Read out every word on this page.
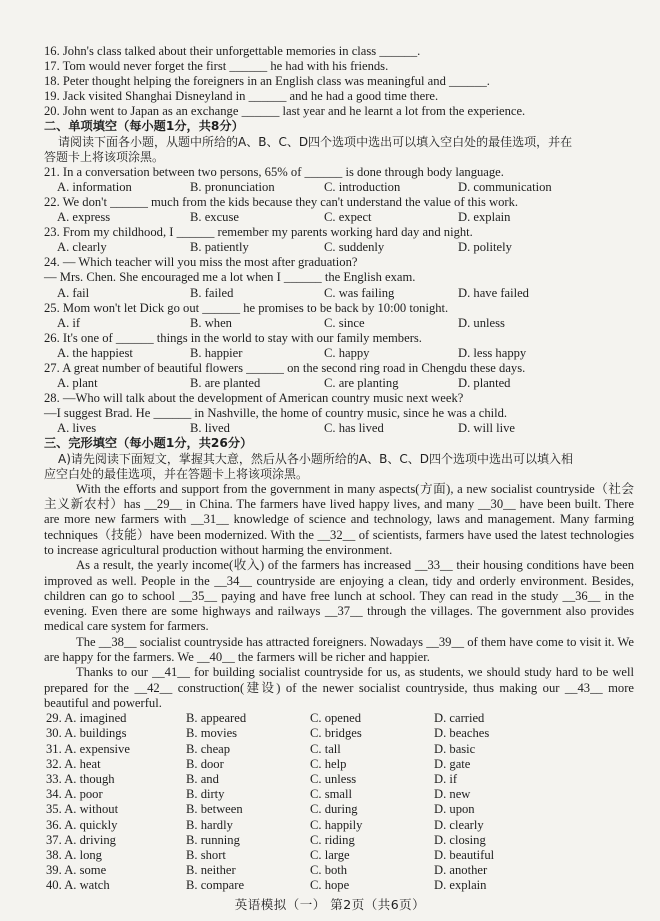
16. John's class talked about their unforgettable memories in class ______.
17. Tom would never forget the first ______ he had with his friends.
18. Peter thought helping the foreigners in an English class was meaningful and ______.
19. Jack visited Shanghai Disneyland in ______ and he had a good time there.
20. John went to Japan as an exchange ______ last year and he learnt a lot from the experience.
二、单项填空（每小题1分，共8分）
请阅读下面各小题，从题中所给的A、B、C、D四个选项中选出可以填入空白处的最佳选项，并在
答题卡上将该项涂黑。
21. In a conversation between two persons, 65% of ______ is done through body language.
A. information	B. pronunciation	C. introduction	D. communication
22. We don't ______ much from the kids because they can't understand the value of this work.
A. express	B. excuse	C. expect	D. explain
23. From my childhood, I ______ remember my parents working hard day and night.
A. clearly	B. patiently	C. suddenly	D. politely
24. — Which teacher will you miss the most after graduation?
— Mrs. Chen. She encouraged me a lot when I ______ the English exam.
A. fail	B. failed	C. was failing	D. have failed
25. Mom won't let Dick go out ______ he promises to be back by 10:00 tonight.
A. if	B. when	C. since	D. unless
26. It's one of ______ things in the world to stay with our family members.
A. the happiest	B. happier	C. happy	D. less happy
27. A great number of beautiful flowers ______ on the second ring road in Chengdu these days.
A. plant	B. are planted	C. are planting	D. planted
28. —Who will talk about the development of American country music next week?
—I suggest Brad. He ______ in Nashville, the home of country music, since he was a child.
A. lives	B. lived	C. has lived	D. will live
三、完形填空（每小题1分，共26分）
A)请先阅读下面短文，掌握其大意，然后从各小题所给的A、B、C、D四个选项中选出可以填入相
应空白处的最佳选项，并在答题卡上将该项涂黑。
With the efforts and support from the government in many aspects(方面), a new socialist countryside（社会主义新农村）has __29__ in China. The farmers have lived happy lives, and many __30__ have been built. There are more new farmers with __31__ knowledge of science and technology, laws and management. Many farming techniques（技能）have been modernized. With the __32__ of scientists, farmers have used the latest technologies to increase agricultural production without harming the environment.
As a result, the yearly income(收入) of the farmers has increased __33__ their housing conditions have been improved as well. People in the __34__ countryside are enjoying a clean, tidy and orderly environment. Besides, children can go to school __35__ paying and have free lunch at school. They can read in the study __36__ in the evening. Even there are some highways and railways __37__ through the villages. The government also provides medical care system for farmers.
The __38__ socialist countryside has attracted foreigners. Nowadays __39__ of them have come to visit it. We are happy for the farmers. We __40__ the farmers will be richer and happier.
Thanks to our __41__ for building socialist countryside for us, as students, we should study hard to be well prepared for the __42__ construction(建设) of the newer socialist countryside, thus making our __43__ more beautiful and powerful.
29. A. imagined	B. appeared	C. opened	D. carried
30. A. buildings	B. movies	C. bridges	D. beaches
31. A. expensive	B. cheap	C. tall	D. basic
32. A. heat	B. door	C. help	D. gate
33. A. though	B. and	C. unless	D. if
34. A. poor	B. dirty	C. small	D. new
35. A. without	B. between	C. during	D. upon
36. A. quickly	B. hardly	C. happily	D. clearly
37. A. driving	B. running	C. riding	D. closing
38. A. long	B. short	C. large	D. beautiful
39. A. some	B. neither	C. both	D. another
40. A. watch	B. compare	C. hope	D. explain
英语模拟（一） 第2页（共6页）
